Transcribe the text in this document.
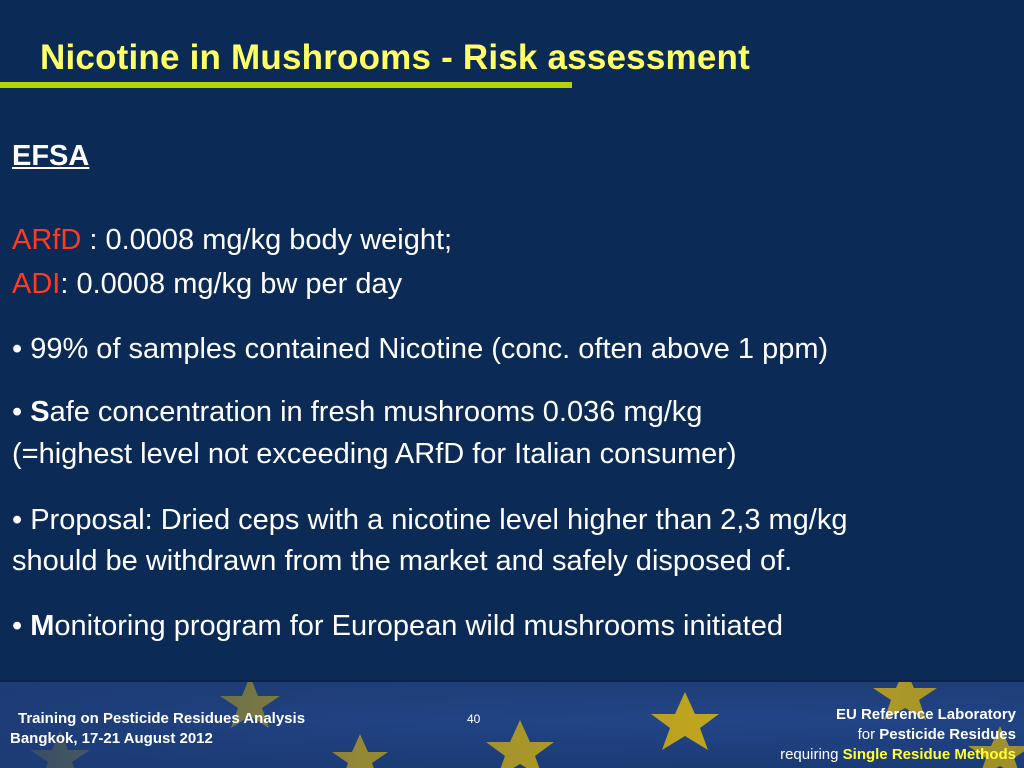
Nicotine in Mushrooms - Risk assessment
EFSA
ARfD : 0.0008 mg/kg body weight;
ADI: 0.0008 mg/kg bw per day
• 99% of samples contained Nicotine (conc. often above 1 ppm)
• Safe concentration in fresh mushrooms 0.036 mg/kg
(=highest level not exceeding ARfD for Italian consumer)
• Proposal: Dried ceps with a nicotine level higher than 2,3 mg/kg
should be withdrawn from the market and safely disposed of.
• Monitoring program for European wild mushrooms initiated
Training on Pesticide Residues Analysis
Bangkok, 17-21 August 2012
40	EU Reference Laboratory
for Pesticide Residues
requiring Single Residue Methods
